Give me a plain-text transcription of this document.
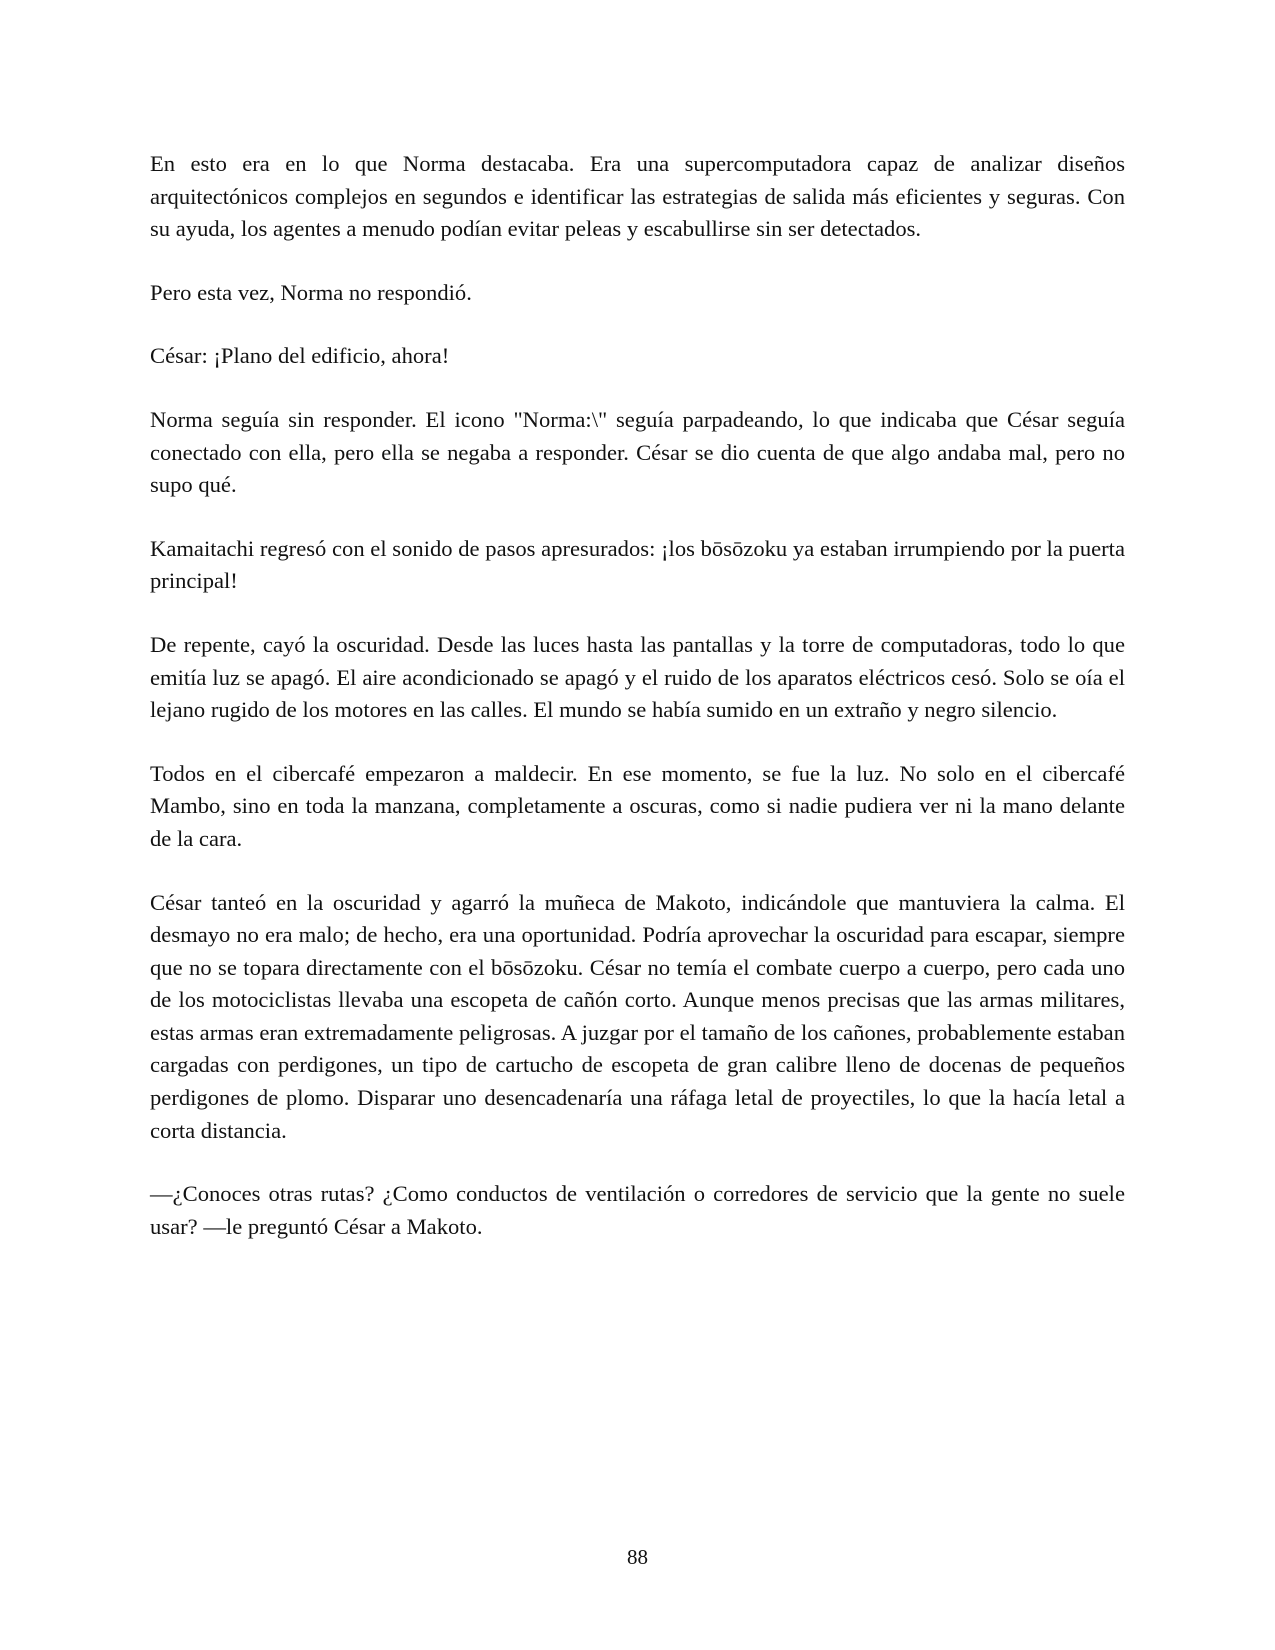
En esto era en lo que Norma destacaba. Era una supercomputadora capaz de analizar diseños arquitectónicos complejos en segundos e identificar las estrategias de salida más eficientes y seguras. Con su ayuda, los agentes a menudo podían evitar peleas y escabullirse sin ser detectados.

Pero esta vez, Norma no respondió.

César: ¡Plano del edificio, ahora!

Norma seguía sin responder. El icono "Norma:\" seguía parpadeando, lo que indicaba que César seguía conectado con ella, pero ella se negaba a responder. César se dio cuenta de que algo andaba mal, pero no supo qué.

Kamaitachi regresó con el sonido de pasos apresurados: ¡los bōsōzoku ya estaban irrumpiendo por la puerta principal!

De repente, cayó la oscuridad. Desde las luces hasta las pantallas y la torre de computadoras, todo lo que emitía luz se apagó. El aire acondicionado se apagó y el ruido de los aparatos eléctricos cesó. Solo se oía el lejano rugido de los motores en las calles. El mundo se había sumido en un extraño y negro silencio.

Todos en el cibercafé empezaron a maldecir. En ese momento, se fue la luz. No solo en el cibercafé Mambo, sino en toda la manzana, completamente a oscuras, como si nadie pudiera ver ni la mano delante de la cara.

César tanteó en la oscuridad y agarró la muñeca de Makoto, indicándole que mantuviera la calma. El desmayo no era malo; de hecho, era una oportunidad. Podría aprovechar la oscuridad para escapar, siempre que no se topara directamente con el bōsōzoku. César no temía el combate cuerpo a cuerpo, pero cada uno de los motociclistas llevaba una escopeta de cañón corto. Aunque menos precisas que las armas militares, estas armas eran extremadamente peligrosas. A juzgar por el tamaño de los cañones, probablemente estaban cargadas con perdigones, un tipo de cartucho de escopeta de gran calibre lleno de docenas de pequeños perdigones de plomo. Disparar uno desencadenaría una ráfaga letal de proyectiles, lo que la hacía letal a corta distancia.

—¿Conoces otras rutas? ¿Como conductos de ventilación o corredores de servicio que la gente no suele usar? —le preguntó César a Makoto.

88
